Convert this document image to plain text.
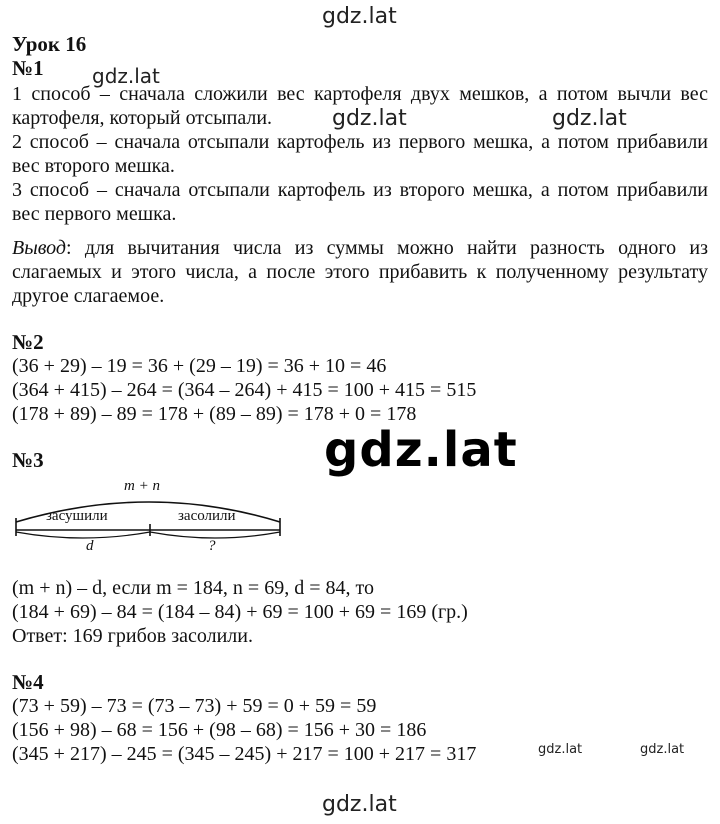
gdz.lat
gdz.lat
gdz.lat	gdz.lat
gdz.lat
gdz.lat	gdz.lat
gdz.lat
Урок 16
№1
1 способ – сначала сложили вес картофеля двух мешков, а потом вычли вес
картофеля, который отсыпали.
2 способ – сначала отсыпали картофель из первого мешка, а потом прибавили
вес второго мешка.
3 способ – сначала отсыпали картофель из второго мешка, а потом прибавили
вес первого мешка.
Вывод: для вычитания числа из суммы можно найти разность одного из
слагаемых и этого числа, а после этого прибавить к полученному результату
другое слагаемое.
№2
(36 + 29) – 19 = 36 + (29 – 19) = 36 + 10 = 46
(364 + 415) – 264 = (364 – 264) + 415 = 100 + 415 = 515
(178 + 89) – 89 = 178 + (89 – 89) = 178 + 0 = 178
№3
m + n
засушили	засолили
d	?
(m + n) – d, если m = 184, n = 69, d = 84, то
(184 + 69) – 84 = (184 – 84) + 69 = 100 + 69 = 169 (гр.)
Ответ: 169 грибов засолили.
№4
(73 + 59) – 73 = (73 – 73) + 59 = 0 + 59 = 59
(156 + 98) – 68 = 156 + (98 – 68) = 156 + 30 = 186
(345 + 217) – 245 = (345 – 245) + 217 = 100 + 217 = 317
